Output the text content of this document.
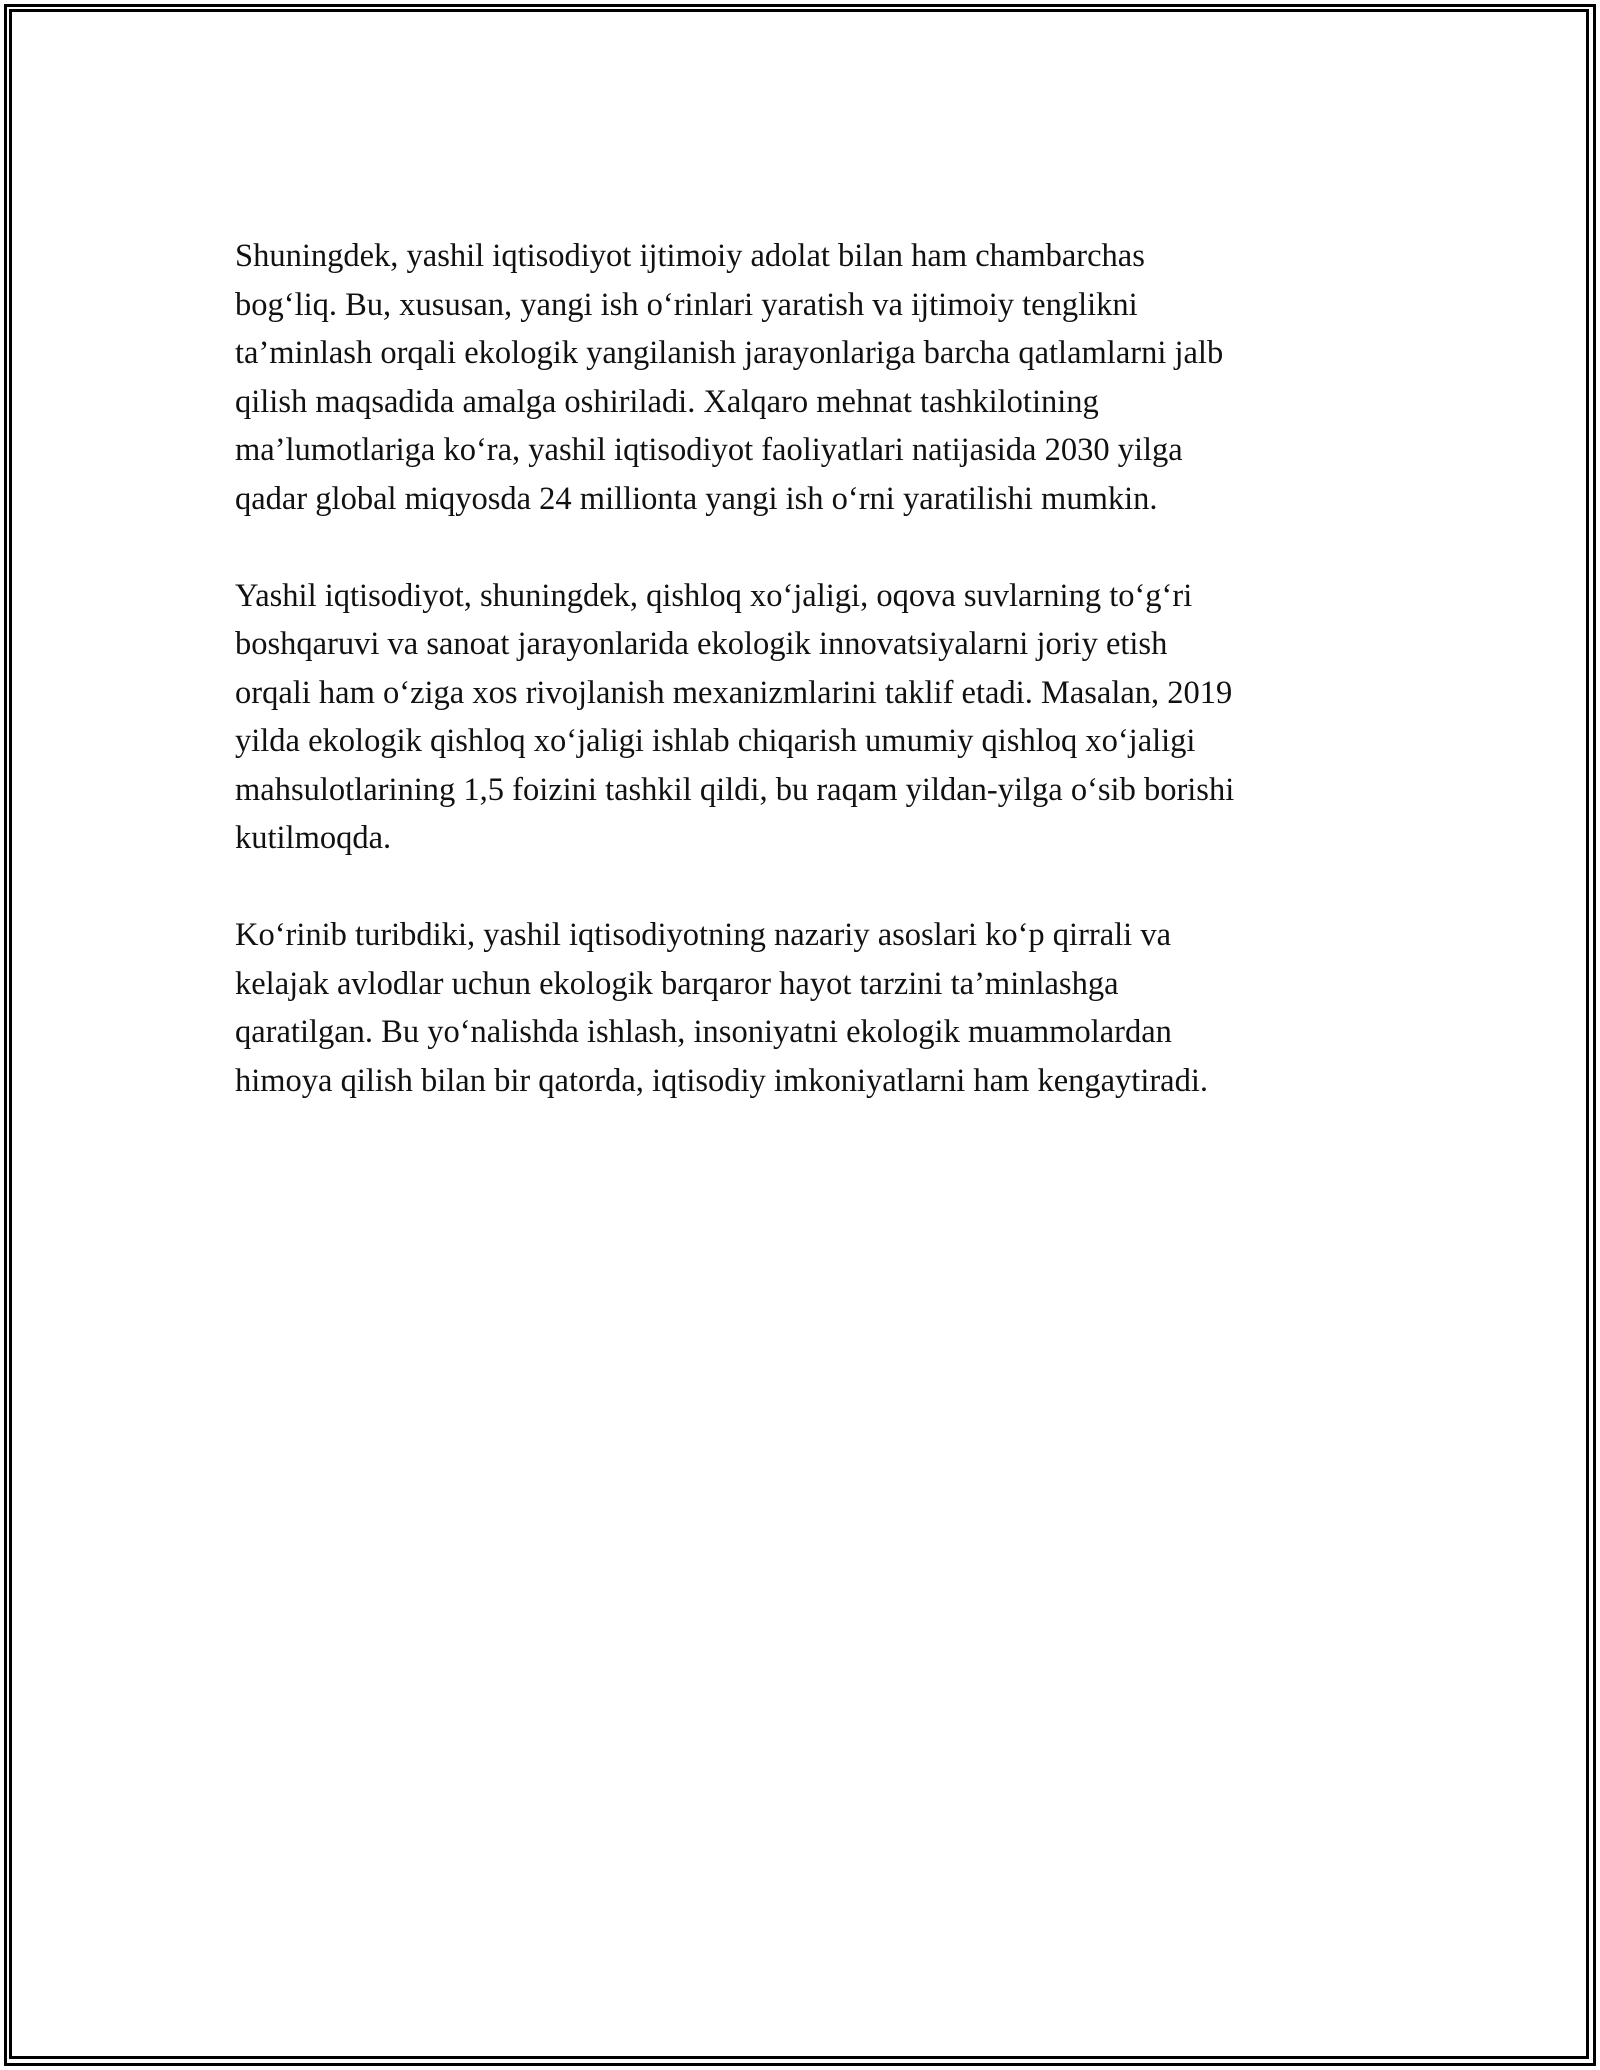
Shuningdek, yashil iqtisodiyot ijtimoiy adolat bilan ham chambarchas
bog‘liq. Bu, xususan, yangi ish o‘rinlari yaratish va ijtimoiy tenglikni
ta’minlash orqali ekologik yangilanish jarayonlariga barcha qatlamlarni jalb
qilish maqsadida amalga oshiriladi. Xalqaro mehnat tashkilotining
ma’lumotlariga ko‘ra, yashil iqtisodiyot faoliyatlari natijasida 2030 yilga
qadar global miqyosda 24 millionta yangi ish o‘rni yaratilishi mumkin.

Yashil iqtisodiyot, shuningdek, qishloq xo‘jaligi, oqova suvlarning to‘g‘ri
boshqaruvi va sanoat jarayonlarida ekologik innovatsiyalarni joriy etish
orqali ham o‘ziga xos rivojlanish mexanizmlarini taklif etadi. Masalan, 2019
yilda ekologik qishloq xo‘jaligi ishlab chiqarish umumiy qishloq xo‘jaligi
mahsulotlarining 1,5 foizini tashkil qildi, bu raqam yildan-yilga o‘sib borishi
kutilmoqda.

Ko‘rinib turibdiki, yashil iqtisodiyotning nazariy asoslari ko‘p qirrali va
kelajak avlodlar uchun ekologik barqaror hayot tarzini ta’minlashga
qaratilgan. Bu yo‘nalishda ishlash, insoniyatni ekologik muammolardan
himoya qilish bilan bir qatorda, iqtisodiy imkoniyatlarni ham kengaytiradi.
